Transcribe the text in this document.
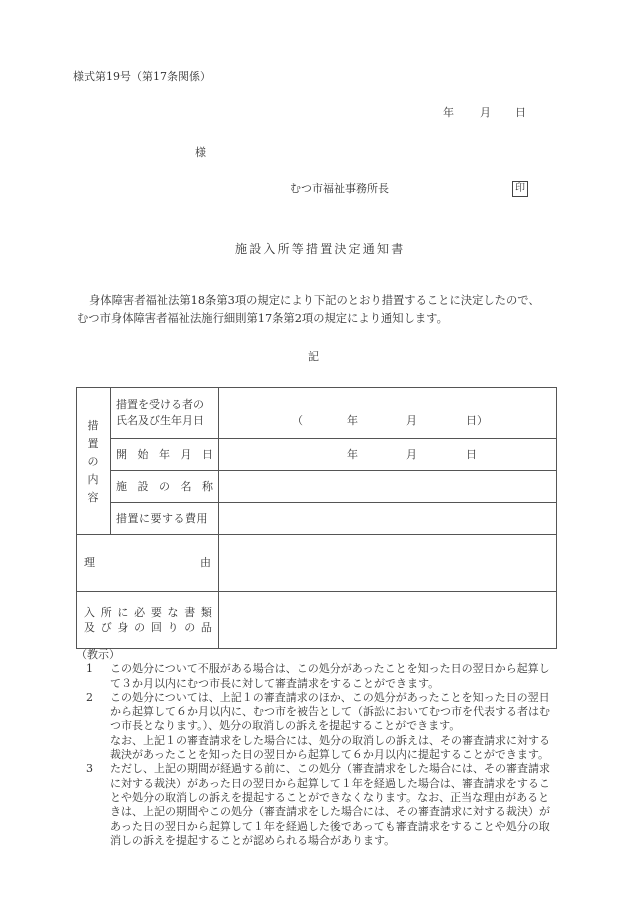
様式第19号（第17条関係）
年 月 日
様
むつ市福祉事務所長	印
施設入所等措置決定通知書
身体障害者福祉法第18条第3項の規定により下記のとおり措置することに決定したので、
むつ市身体障害者福祉法施行細則第17条第2項の規定により通知します。
記
措
置
の
内
容
措置を受ける者の
氏名及び生年月日	（	年	月	日）
開 始 年 月 日	年	月	日
施 設 の 名 称
措置に要する費用
理	由
入 所 に 必 要 な 書 類
及 び 身 の 回 り の 品
（教示）
1 この処分について不服がある場合は、この処分があったことを知った日の翌日から起算して３か月以内にむつ市長に対して審査請求をすることができます。
2 この処分については、上記１の審査請求のほか、この処分があったことを知った日の翌日から起算して６か月以内に、むつ市を被告として（訴訟においてむつ市を代表する者はむつ市長となります。）、処分の取消しの訴えを提起することができます。
なお、上記１の審査請求をした場合には、処分の取消しの訴えは、その審査請求に対する裁決があったことを知った日の翌日から起算して６か月以内に提起することができます。
3 ただし、上記の期間が経過する前に、この処分（審査請求をした場合には、その審査請求に対する裁決）があった日の翌日から起算して１年を経過した場合は、審査請求をすることや処分の取消しの訴えを提起することができなくなります。なお、正当な理由があるときは、上記の期間やこの処分（審査請求をした場合には、その審査請求に対する裁決）があった日の翌日から起算して１年を経過した後であっても審査請求をすることや処分の取消しの訴えを提起することが認められる場合があります。
